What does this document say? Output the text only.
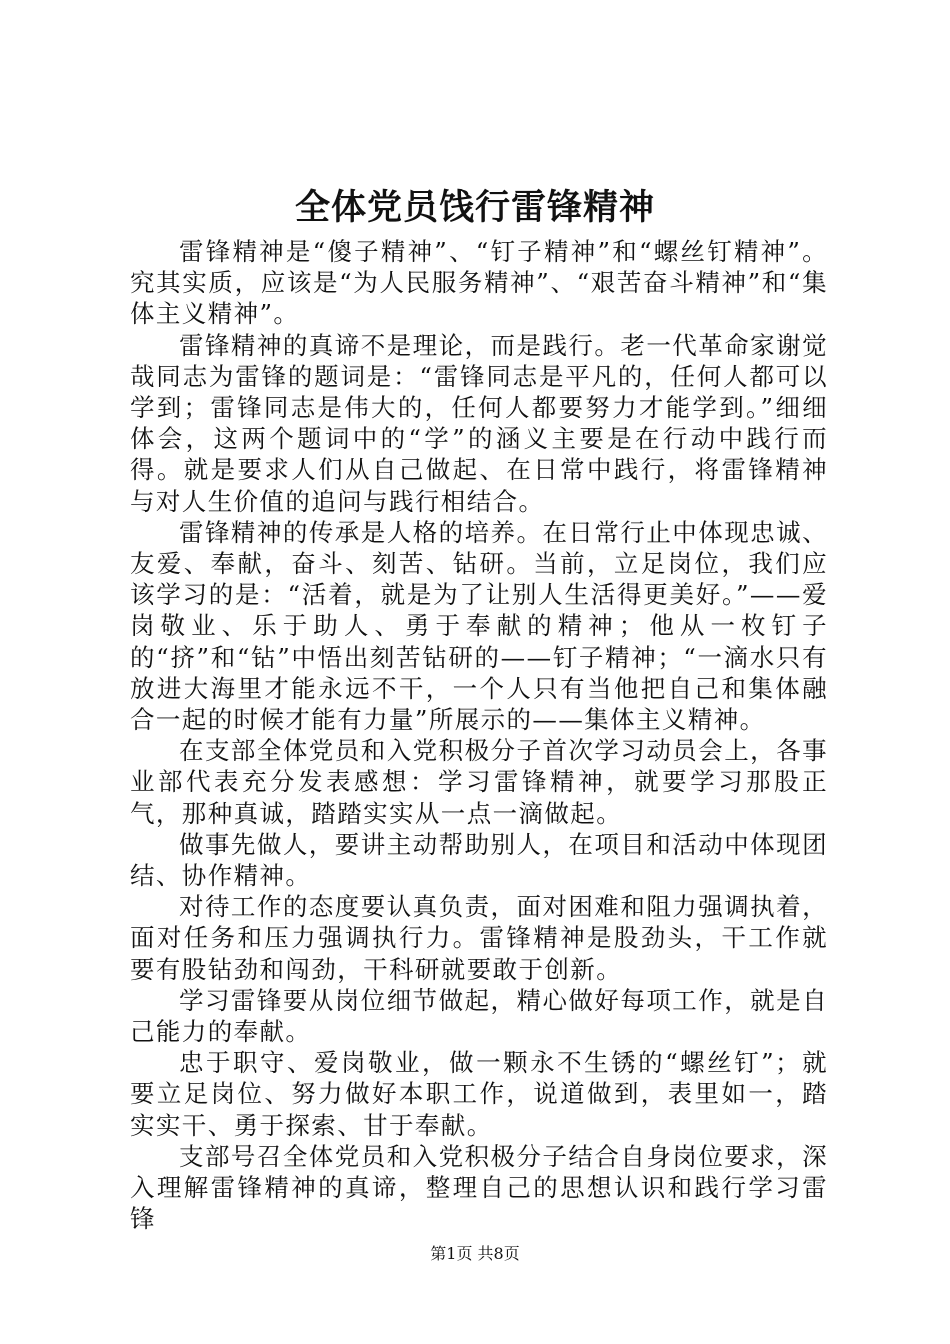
全体党员饯行雷锋精神

雷锋精神是“傻子精神”、“钉子精神”和“螺丝钉精神”。究其实质，应该是“为人民服务精神”、“艰苦奋斗精神”和“集体主义精神”。

雷锋精神的真谛不是理论，而是践行。老一代革命家谢觉哉同志为雷锋的题词是：“雷锋同志是平凡的，任何人都可以学到；雷锋同志是伟大的，任何人都要努力才能学到。”细细体会，这两个题词中的“学”的涵义主要是在行动中践行而得。就是要求人们从自己做起、在日常中践行，将雷锋精神与对人生价值的追问与践行相结合。

雷锋精神的传承是人格的培养。在日常行止中体现忠诚、友爱、奉献，奋斗、刻苦、钻研。当前，立足岗位，我们应该学习的是：“活着，就是为了让别人生活得更美好。”——爱岗敬业、乐于助人、勇于奉献的精神；他从一枚钉子的“挤”和“钻”中悟出刻苦钻研的——钉子精神；“一滴水只有放进大海里才能永远不干，一个人只有当他把自己和集体融合一起的时候才能有力量”所展示的——集体主义精神。

在支部全体党员和入党积极分子首次学习动员会上，各事业部代表充分发表感想：学习雷锋精神，就要学习那股正气，那种真诚，踏踏实实从一点一滴做起。

做事先做人，要讲主动帮助别人，在项目和活动中体现团结、协作精神。

对待工作的态度要认真负责，面对困难和阻力强调执着，面对任务和压力强调执行力。雷锋精神是股劲头，干工作就要有股钻劲和闯劲，干科研就要敢于创新。

学习雷锋要从岗位细节做起，精心做好每项工作，就是自己能力的奉献。

忠于职守、爱岗敬业，做一颗永不生锈的“螺丝钉”；就要立足岗位、努力做好本职工作，说道做到，表里如一，踏实实干、勇于探索、甘于奉献。

支部号召全体党员和入党积极分子结合自身岗位要求，深入理解雷锋精神的真谛，整理自己的思想认识和践行学习雷锋

第1页 共8页
